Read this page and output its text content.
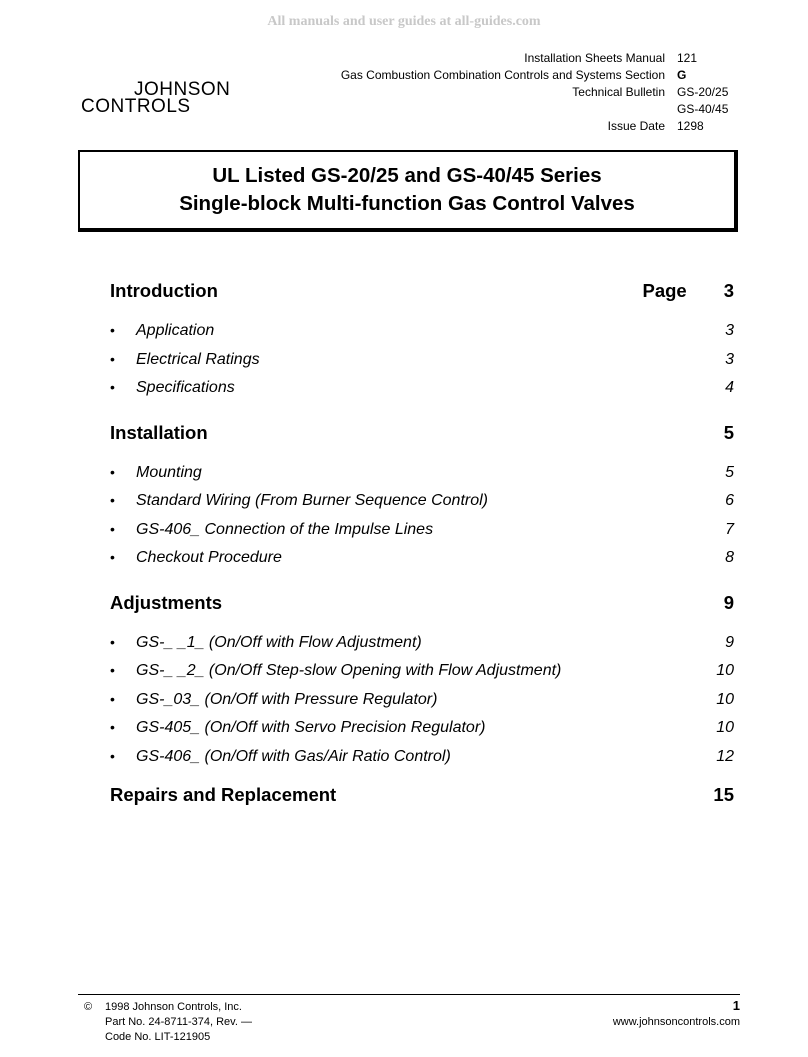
All manuals and user guides at all-guides.com
JOHNSON
CONTROLS
Installation Sheets Manual	121
Gas Combustion Combination Controls and Systems Section	G
Technical Bulletin	GS-20/25
GS-40/45
Issue Date	1298
UL Listed GS-20/25 and GS-40/45 Series
Single-block Multi-function Gas Control Valves
Introduction	Page 3
•	Application	3
•	Electrical Ratings	3
•	Specifications	4
Installation	5
•	Mounting	5
•	Standard Wiring (From Burner Sequence Control)	6
•	GS-406_ Connection of the Impulse Lines	7
•	Checkout Procedure	8
Adjustments	9
•	GS-_ _1_ (On/Off with Flow Adjustment)	9
•	GS-_ _2_ (On/Off Step-slow Opening with Flow Adjustment)	10
•	GS-_03_ (On/Off with Pressure Regulator)	10
•	GS-405_ (On/Off with Servo Precision Regulator)	10
•	GS-406_ (On/Off with Gas/Air Ratio Control)	12
Repairs and Replacement	15
© 1998 Johnson Controls, Inc.
Part No. 24-8711-374, Rev. —
Code No. LIT-121905
1
www.johnsoncontrols.com
